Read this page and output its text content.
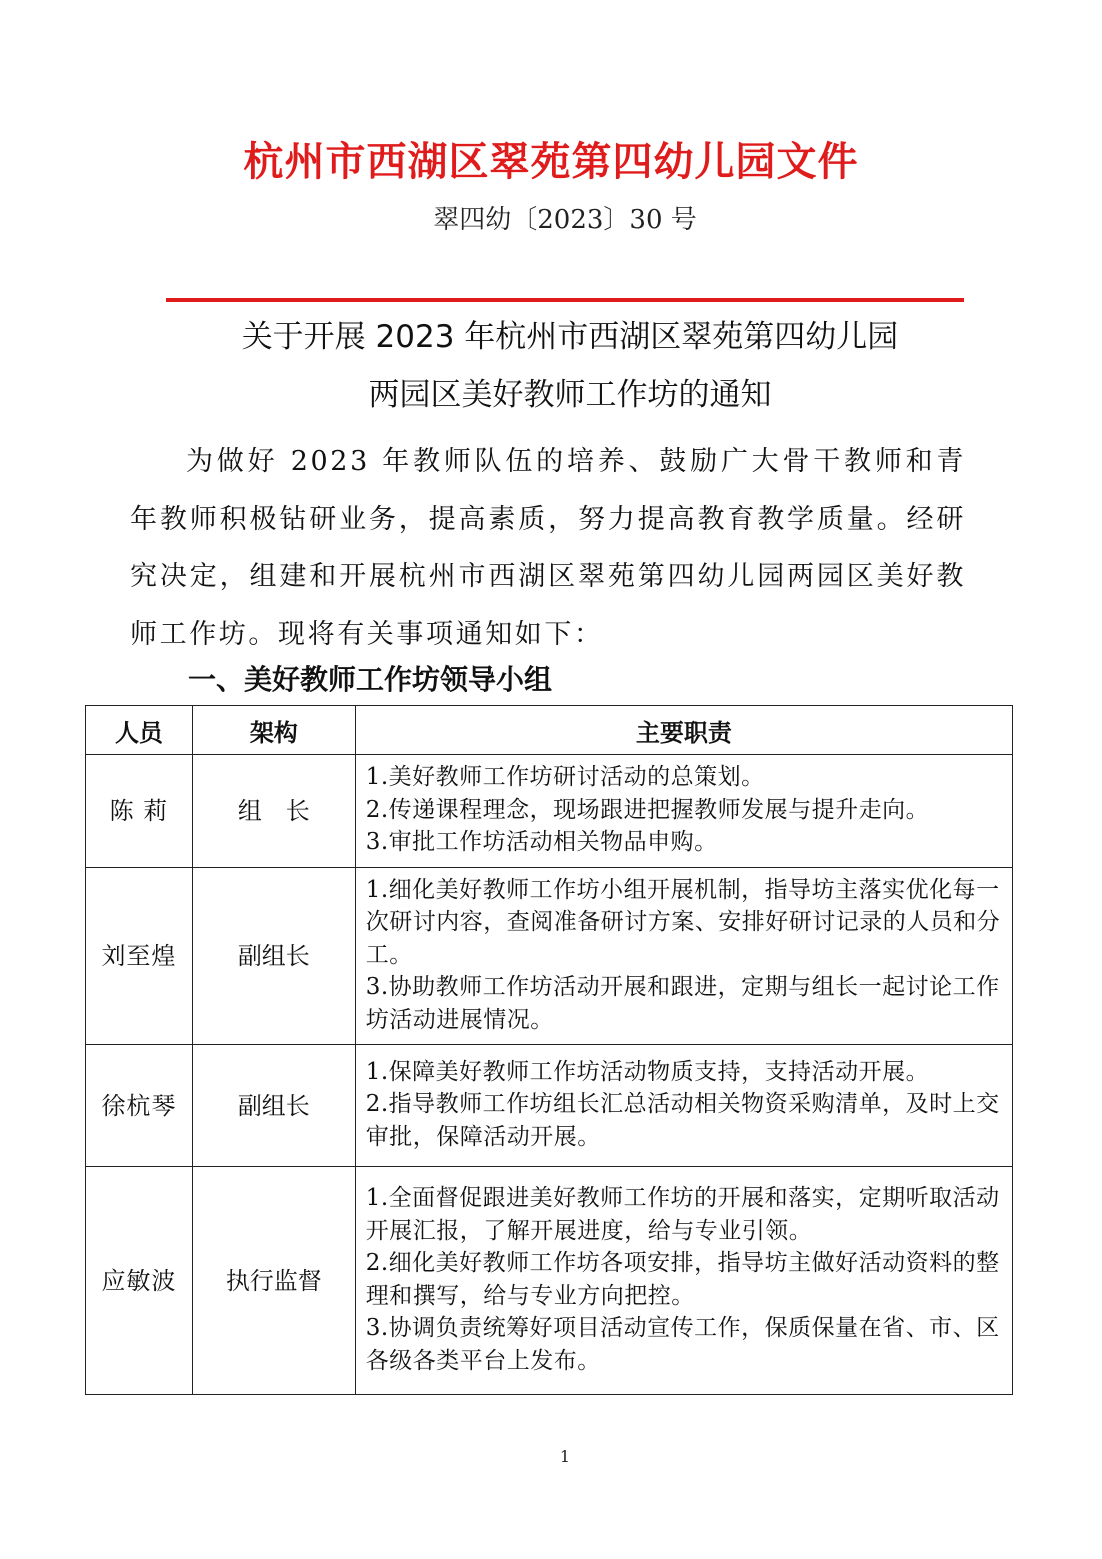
杭州市西湖区翠苑第四幼儿园文件
翠四幼〔2023〕30 号
关于开展 2023 年杭州市西湖区翠苑第四幼儿园
两园区美好教师工作坊的通知

为做好 2023 年教师队伍的培养、鼓励广大骨干教师和青年教师积极钻研业务，提高素质，努力提高教育教学质量。经研究决定，组建和开展杭州市西湖区翠苑第四幼儿园两园区美好教师工作坊。现将有关事项通知如下：

一、美好教师工作坊领导小组
人员	架构	主要职责
陈 莉	组　长	1.美好教师工作坊研讨活动的总策划。
2.传递课程理念，现场跟进把握教师发展与提升走向。
3.审批工作坊活动相关物品申购。

刘至煌	副组长	1.细化美好教师工作坊小组开展机制，指导坊主落实优化每一次研讨内容，查阅准备研讨方案、安排好研讨记录的人员和分工。
3.协助教师工作坊活动开展和跟进，定期与组长一起讨论工作坊活动进展情况。

徐杭琴	副组长	1.保障美好教师工作坊活动物质支持，支持活动开展。
2.指导教师工作坊组长汇总活动相关物资采购清单，及时上交审批，保障活动开展。

应敏波	执行监督	1.全面督促跟进美好教师工作坊的开展和落实，定期听取活动开展汇报，了解开展进度，给与专业引领。
2.细化美好教师工作坊各项安排，指导坊主做好活动资料的整理和撰写，给与专业方向把控。
3.协调负责统筹好项目活动宣传工作，保质保量在省、市、区各级各类平台上发布。
1
